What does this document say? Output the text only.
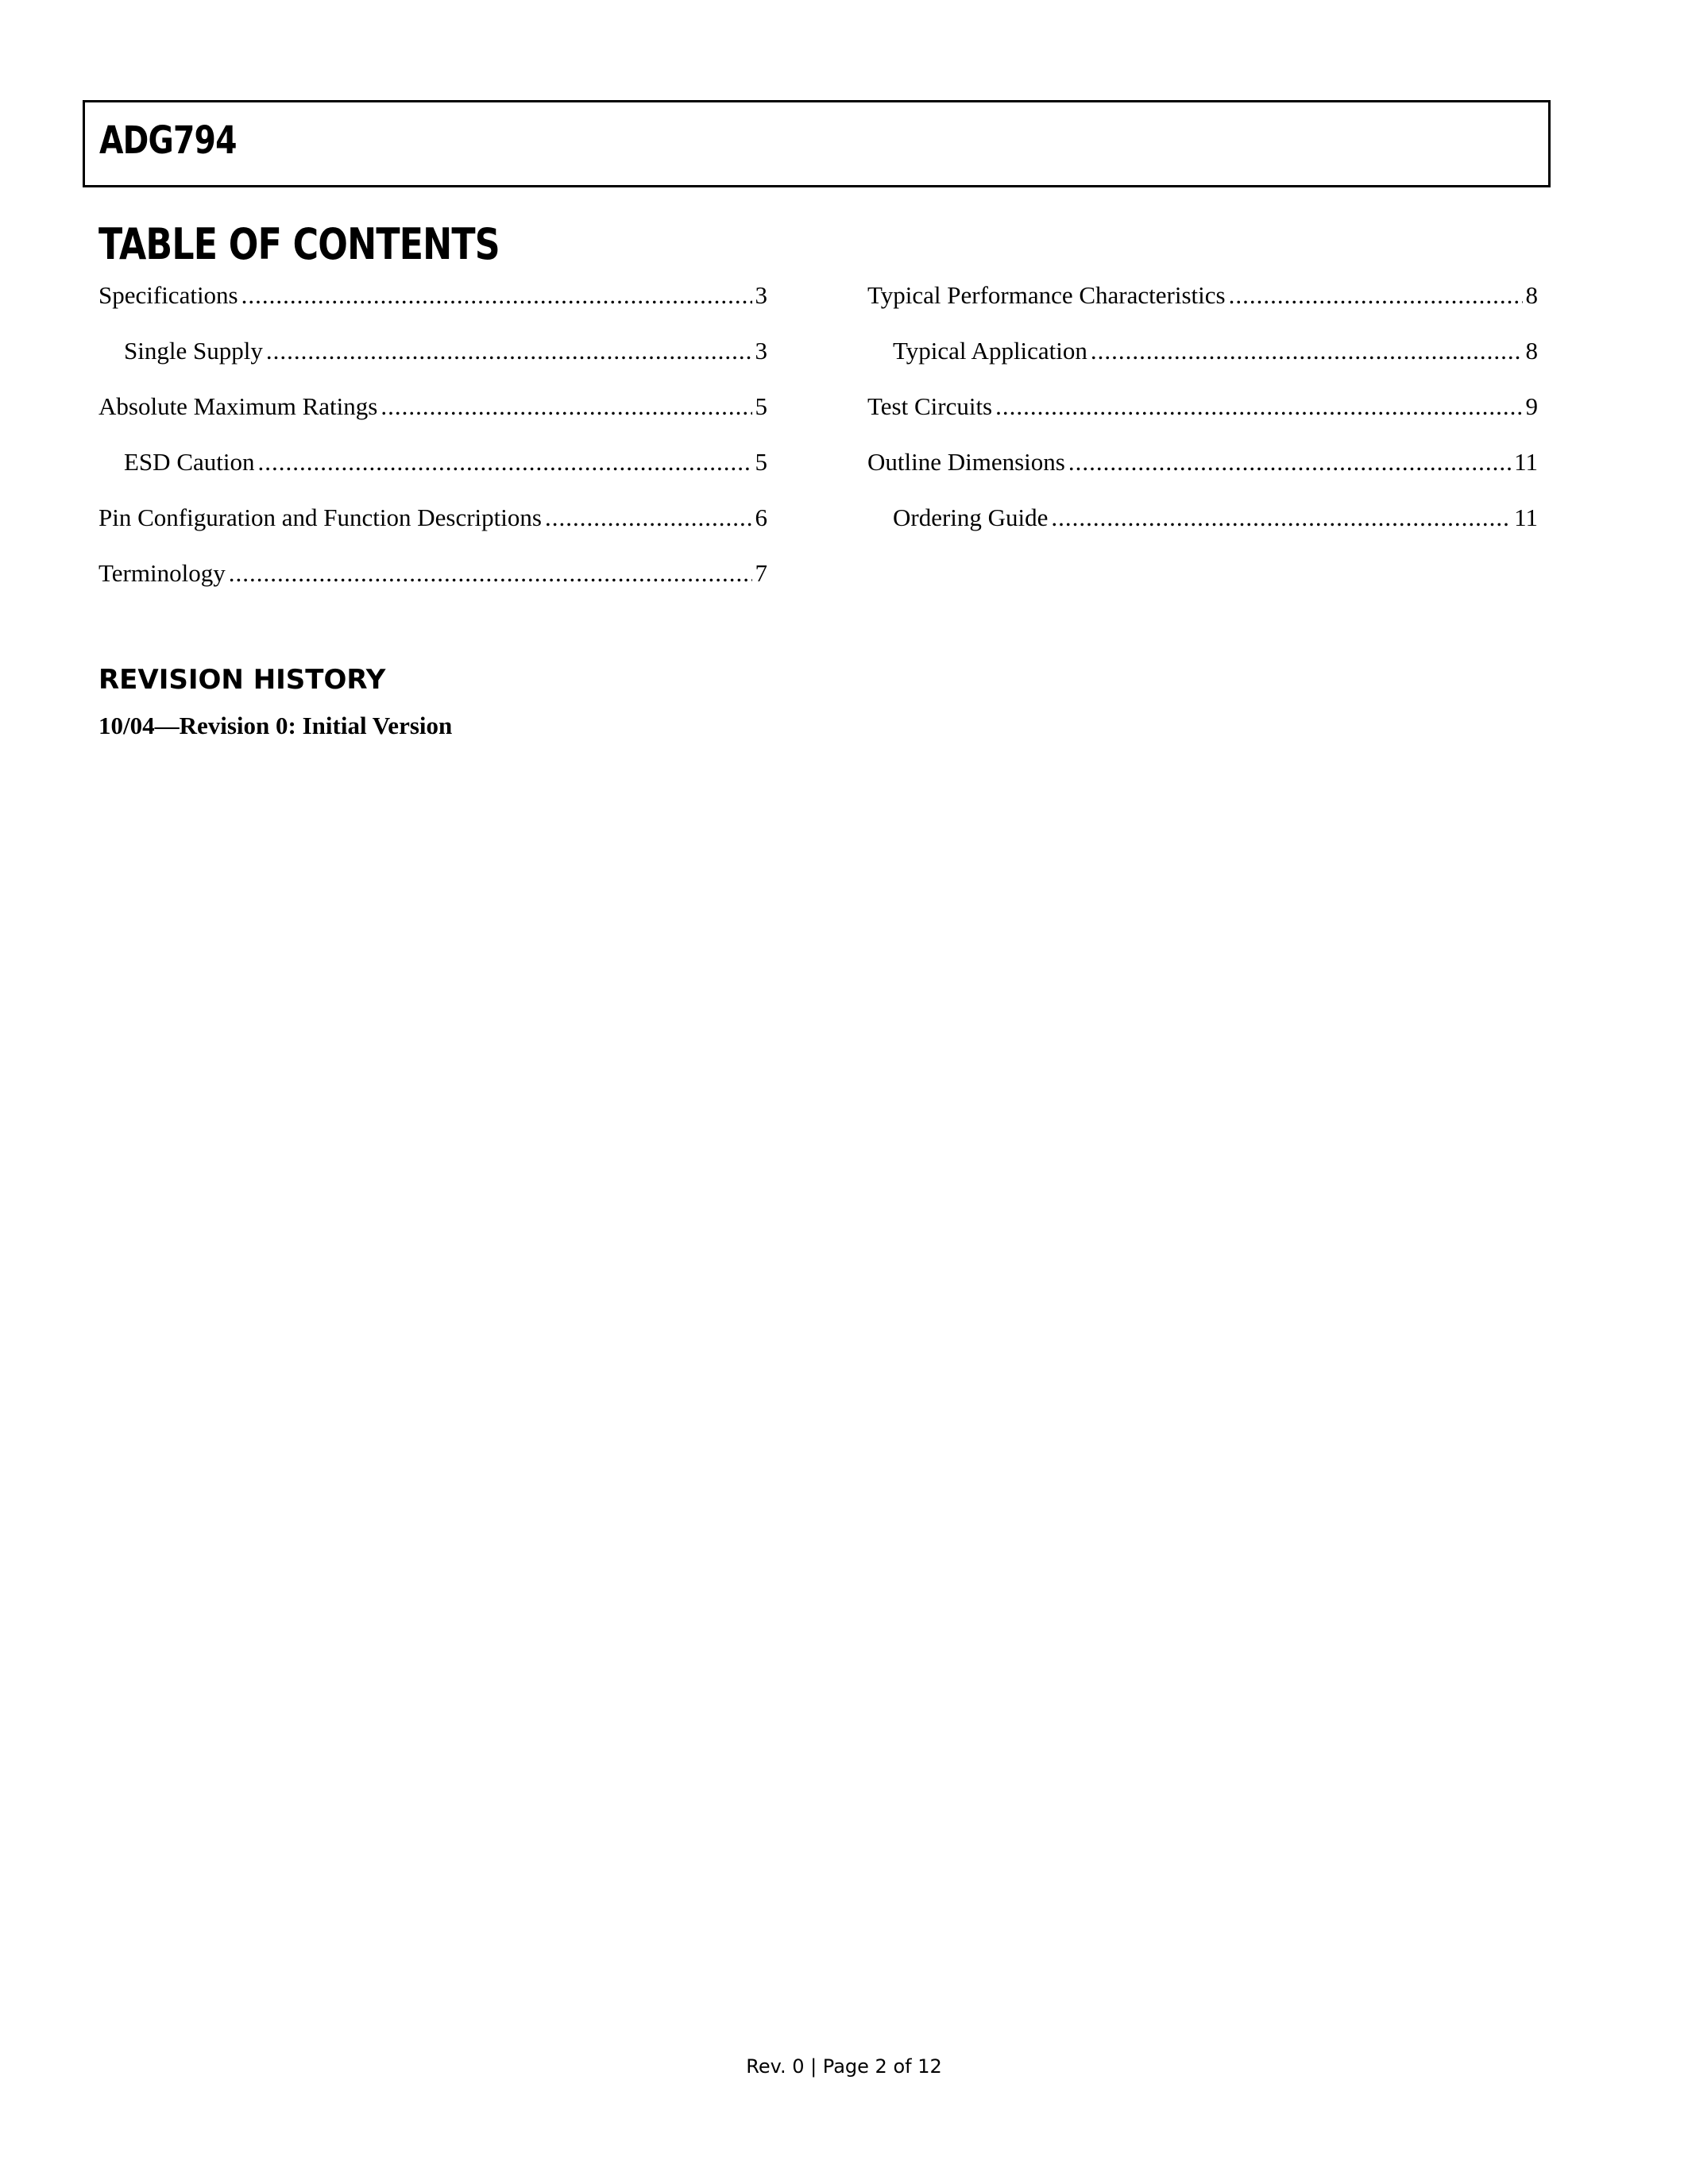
ADG794
TABLE OF CONTENTS
Specifications .....	3
Single Supply .....	3
Absolute Maximum Ratings .....	5
ESD Caution .....	5
Pin Configuration and Function Descriptions .....	6
Terminology .....	7
Typical Performance Characteristics .....	8
Typical Application .....	8
Test Circuits .....	9
Outline Dimensions .....	11
Ordering Guide .....	11
REVISION HISTORY
10/04—Revision 0: Initial Version
Rev. 0 | Page 2 of 12
